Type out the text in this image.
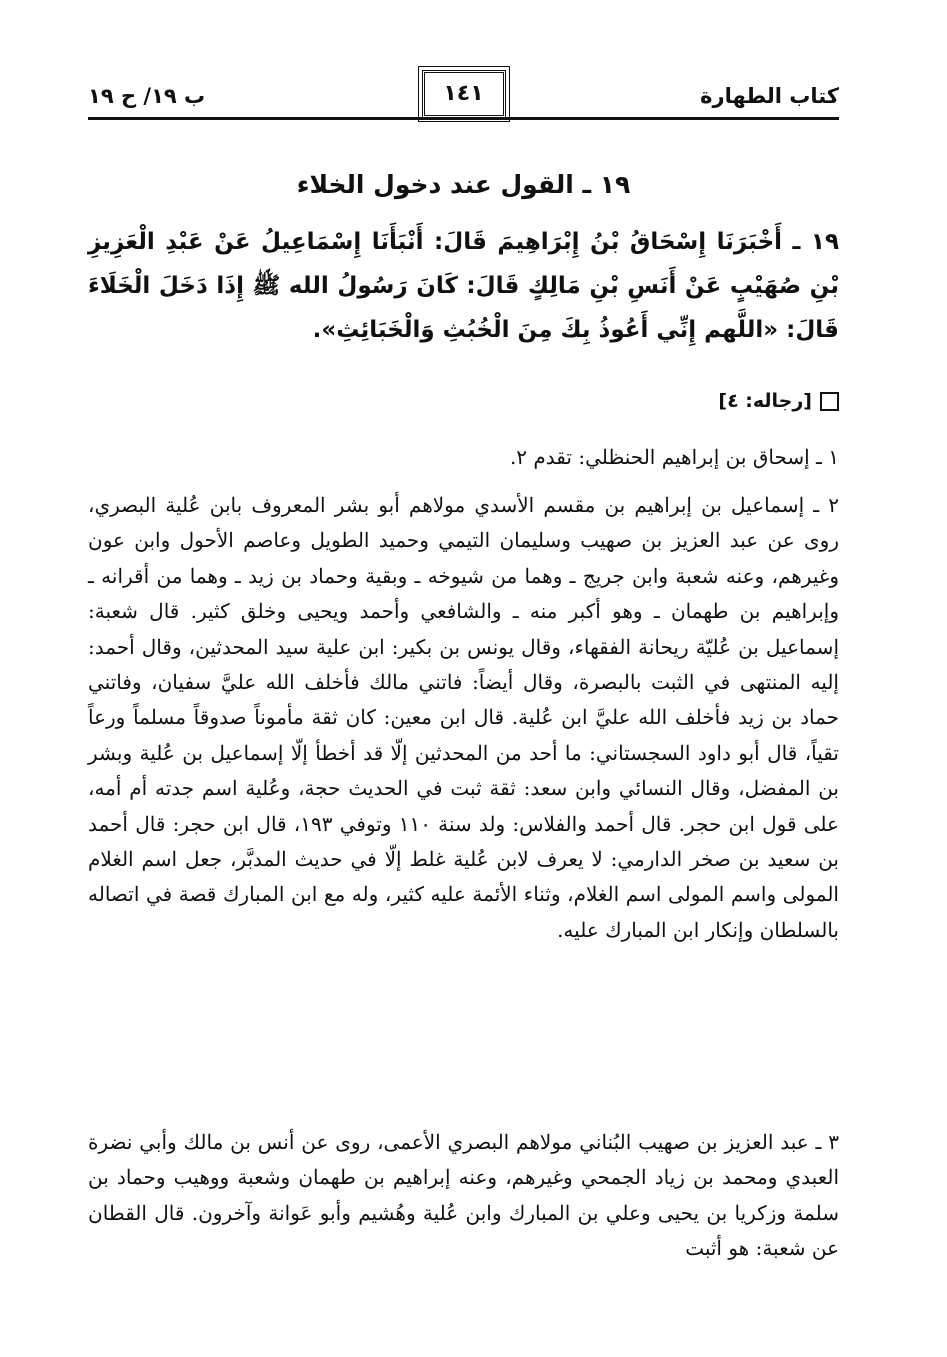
كتاب الطهارة
١٤١
ب ١٩/ ح ١٩
١٩ ـ القول عند دخول الخلاء
١٩ ـ أَخْبَرَنَا إِسْحَاقُ بْنُ إِبْرَاهِيمَ قَالَ: أَنْبَأَنَا إِسْمَاعِيلُ عَنْ عَبْدِ الْعَزِيزِ بْنِ صُهَيْبٍ عَنْ أَنَسِ بْنِ مَالِكٍ قَالَ: كَانَ رَسُولُ الله ﷺ إِذَا دَخَلَ الْخَلَاءَ قَالَ: «اللَّهم إِنِّي أَعُوذُ بِكَ مِنَ الْخُبُثِ وَالْخَبَائِثِ».
[رجاله: ٤]

١ ـ إسحاق بن إبراهيم الحنظلي: تقدم ٢.

٢ ـ إسماعيل بن إبراهيم بن مقسم الأسدي مولاهم أبو بشر المعروف بابن عُلية البصري، روى عن عبد العزيز بن صهيب وسليمان التيمي وحميد الطويل وعاصم الأحول وابن عون وغيرهم، وعنه شعبة وابن جريج ـ وهما من شيوخه ـ وبقية وحماد بن زيد ـ وهما من أقرانه ـ وإبراهيم بن طهمان ـ وهو أكبر منه ـ والشافعي وأحمد ويحيى وخلق كثير. قال شعبة: إسماعيل بن عُليّة ريحانة الفقهاء، وقال يونس بن بكير: ابن علية سيد المحدثين، وقال أحمد: إليه المنتهى في الثبت بالبصرة، وقال أيضاً: فاتني مالك فأخلف الله عليَّ سفيان، وفاتني حماد بن زيد فأخلف الله عليَّ ابن عُلية. قال ابن معين: كان ثقة مأموناً صدوقاً مسلماً ورعاً تقياً، قال أبو داود السجستاني: ما أحد من المحدثين إلّا قد أخطأ إلّا إسماعيل بن عُلية وبشر بن المفضل، وقال النسائي وابن سعد: ثقة ثبت في الحديث حجة، وعُلية اسم جدته أم أمه، على قول ابن حجر. قال أحمد والفلاس: ولد سنة ١١٠ وتوفي ١٩٣، قال ابن حجر: قال أحمد بن سعيد بن صخر الدارمي: لا يعرف لابن عُلية غلط إلّا في حديث المدبَّر، جعل اسم الغلام المولى واسم المولى اسم الغلام، وثناء الأئمة عليه كثير، وله مع ابن المبارك قصة في اتصاله بالسلطان وإنكار ابن المبارك عليه.

٣ ـ عبد العزيز بن صهيب البُناني مولاهم البصري الأعمى، روى عن أنس بن مالك وأبي نضرة العبدي ومحمد بن زياد الجمحي وغيرهم، وعنه إبراهيم بن طهمان وشعبة ووهيب وحماد بن سلمة وزكريا بن يحيى وعلي بن المبارك وابن عُلية وهُشيم وأبو عَوانة وآخرون. قال القطان عن شعبة: هو أثبت
